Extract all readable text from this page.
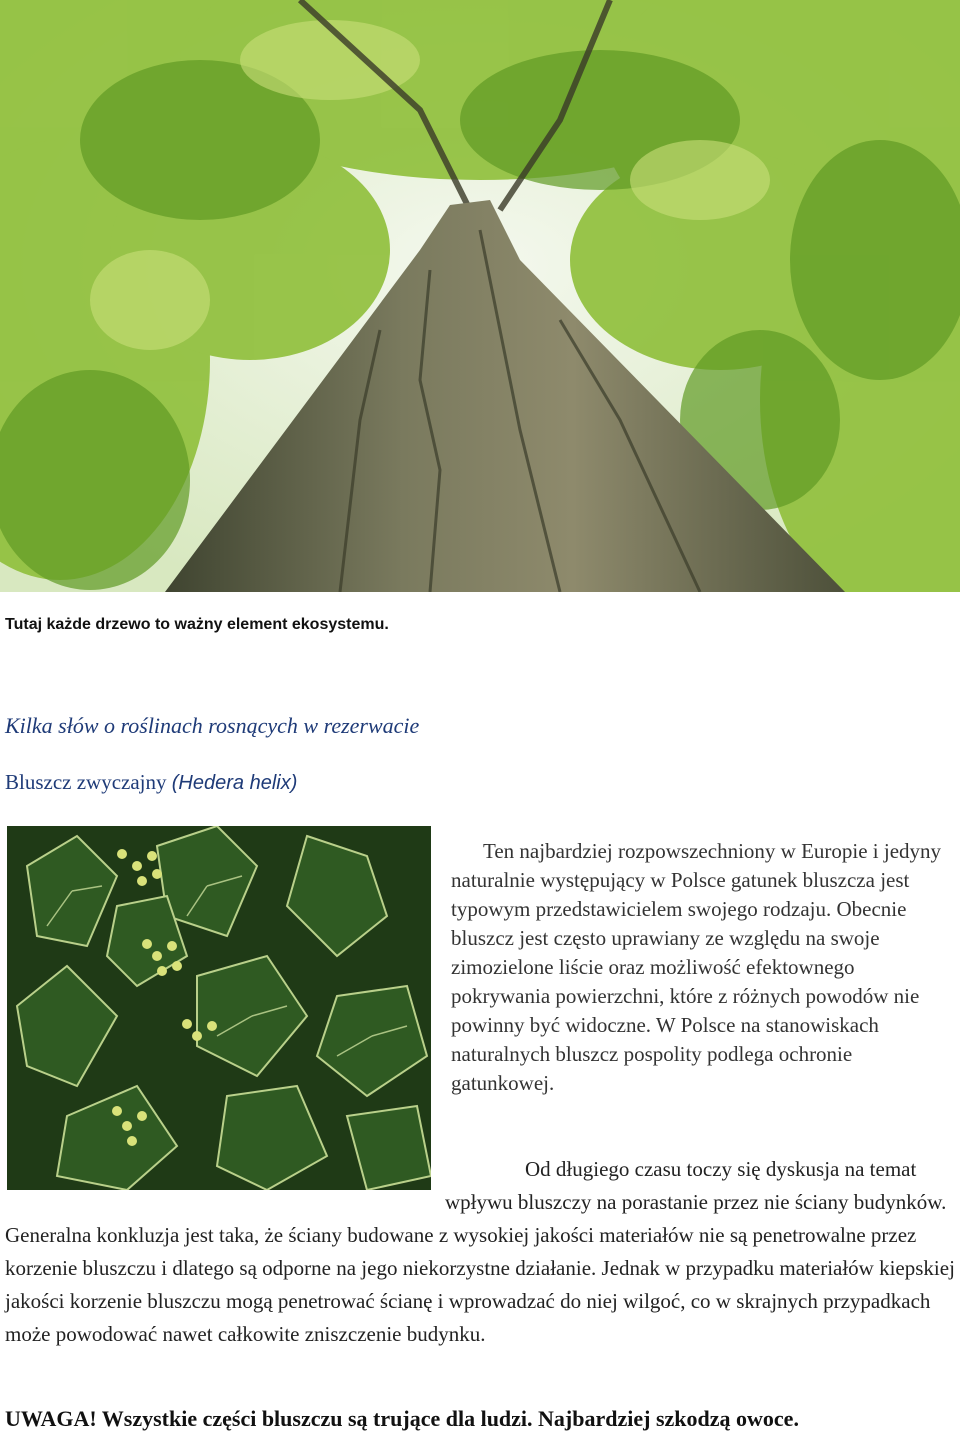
Tutaj każde drzewo to ważny element ekosystemu.
Kilka słów o roślinach rosnących w rezerwacie
Bluszcz zwyczajny (Hedera helix)

Ten najbardziej rozpowszechniony w Europie i jedyny naturalnie występujący w Polsce gatunek bluszcza jest typowym przedstawicielem swojego rodzaju. Obecnie bluszcz jest często uprawiany ze względu na swoje zimozielone liście oraz możliwość efektownego pokrywania powierzchni, które z różnych powodów nie powinny być widoczne. W Polsce na stanowiskach naturalnych bluszcz pospolity podlega ochronie gatunkowej.

Od długiego czasu toczy się dyskusja na temat wpływu bluszczy na porastanie przez nie ściany budynków. Generalna konkluzja jest taka, że ściany budowane z wysokiej jakości materiałów nie są penetrowalne przez korzenie bluszczu i dlatego są odporne na jego niekorzystne działanie. Jednak w przypadku materiałów kiepskiej jakości korzenie bluszczu mogą penetrować ścianę i wprowadzać do niej wilgoć, co w skrajnych przypadkach może powodować nawet całkowite zniszczenie budynku.

UWAGA! Wszystkie części bluszczu są trujące dla ludzi. Najbardziej szkodzą owoce.
